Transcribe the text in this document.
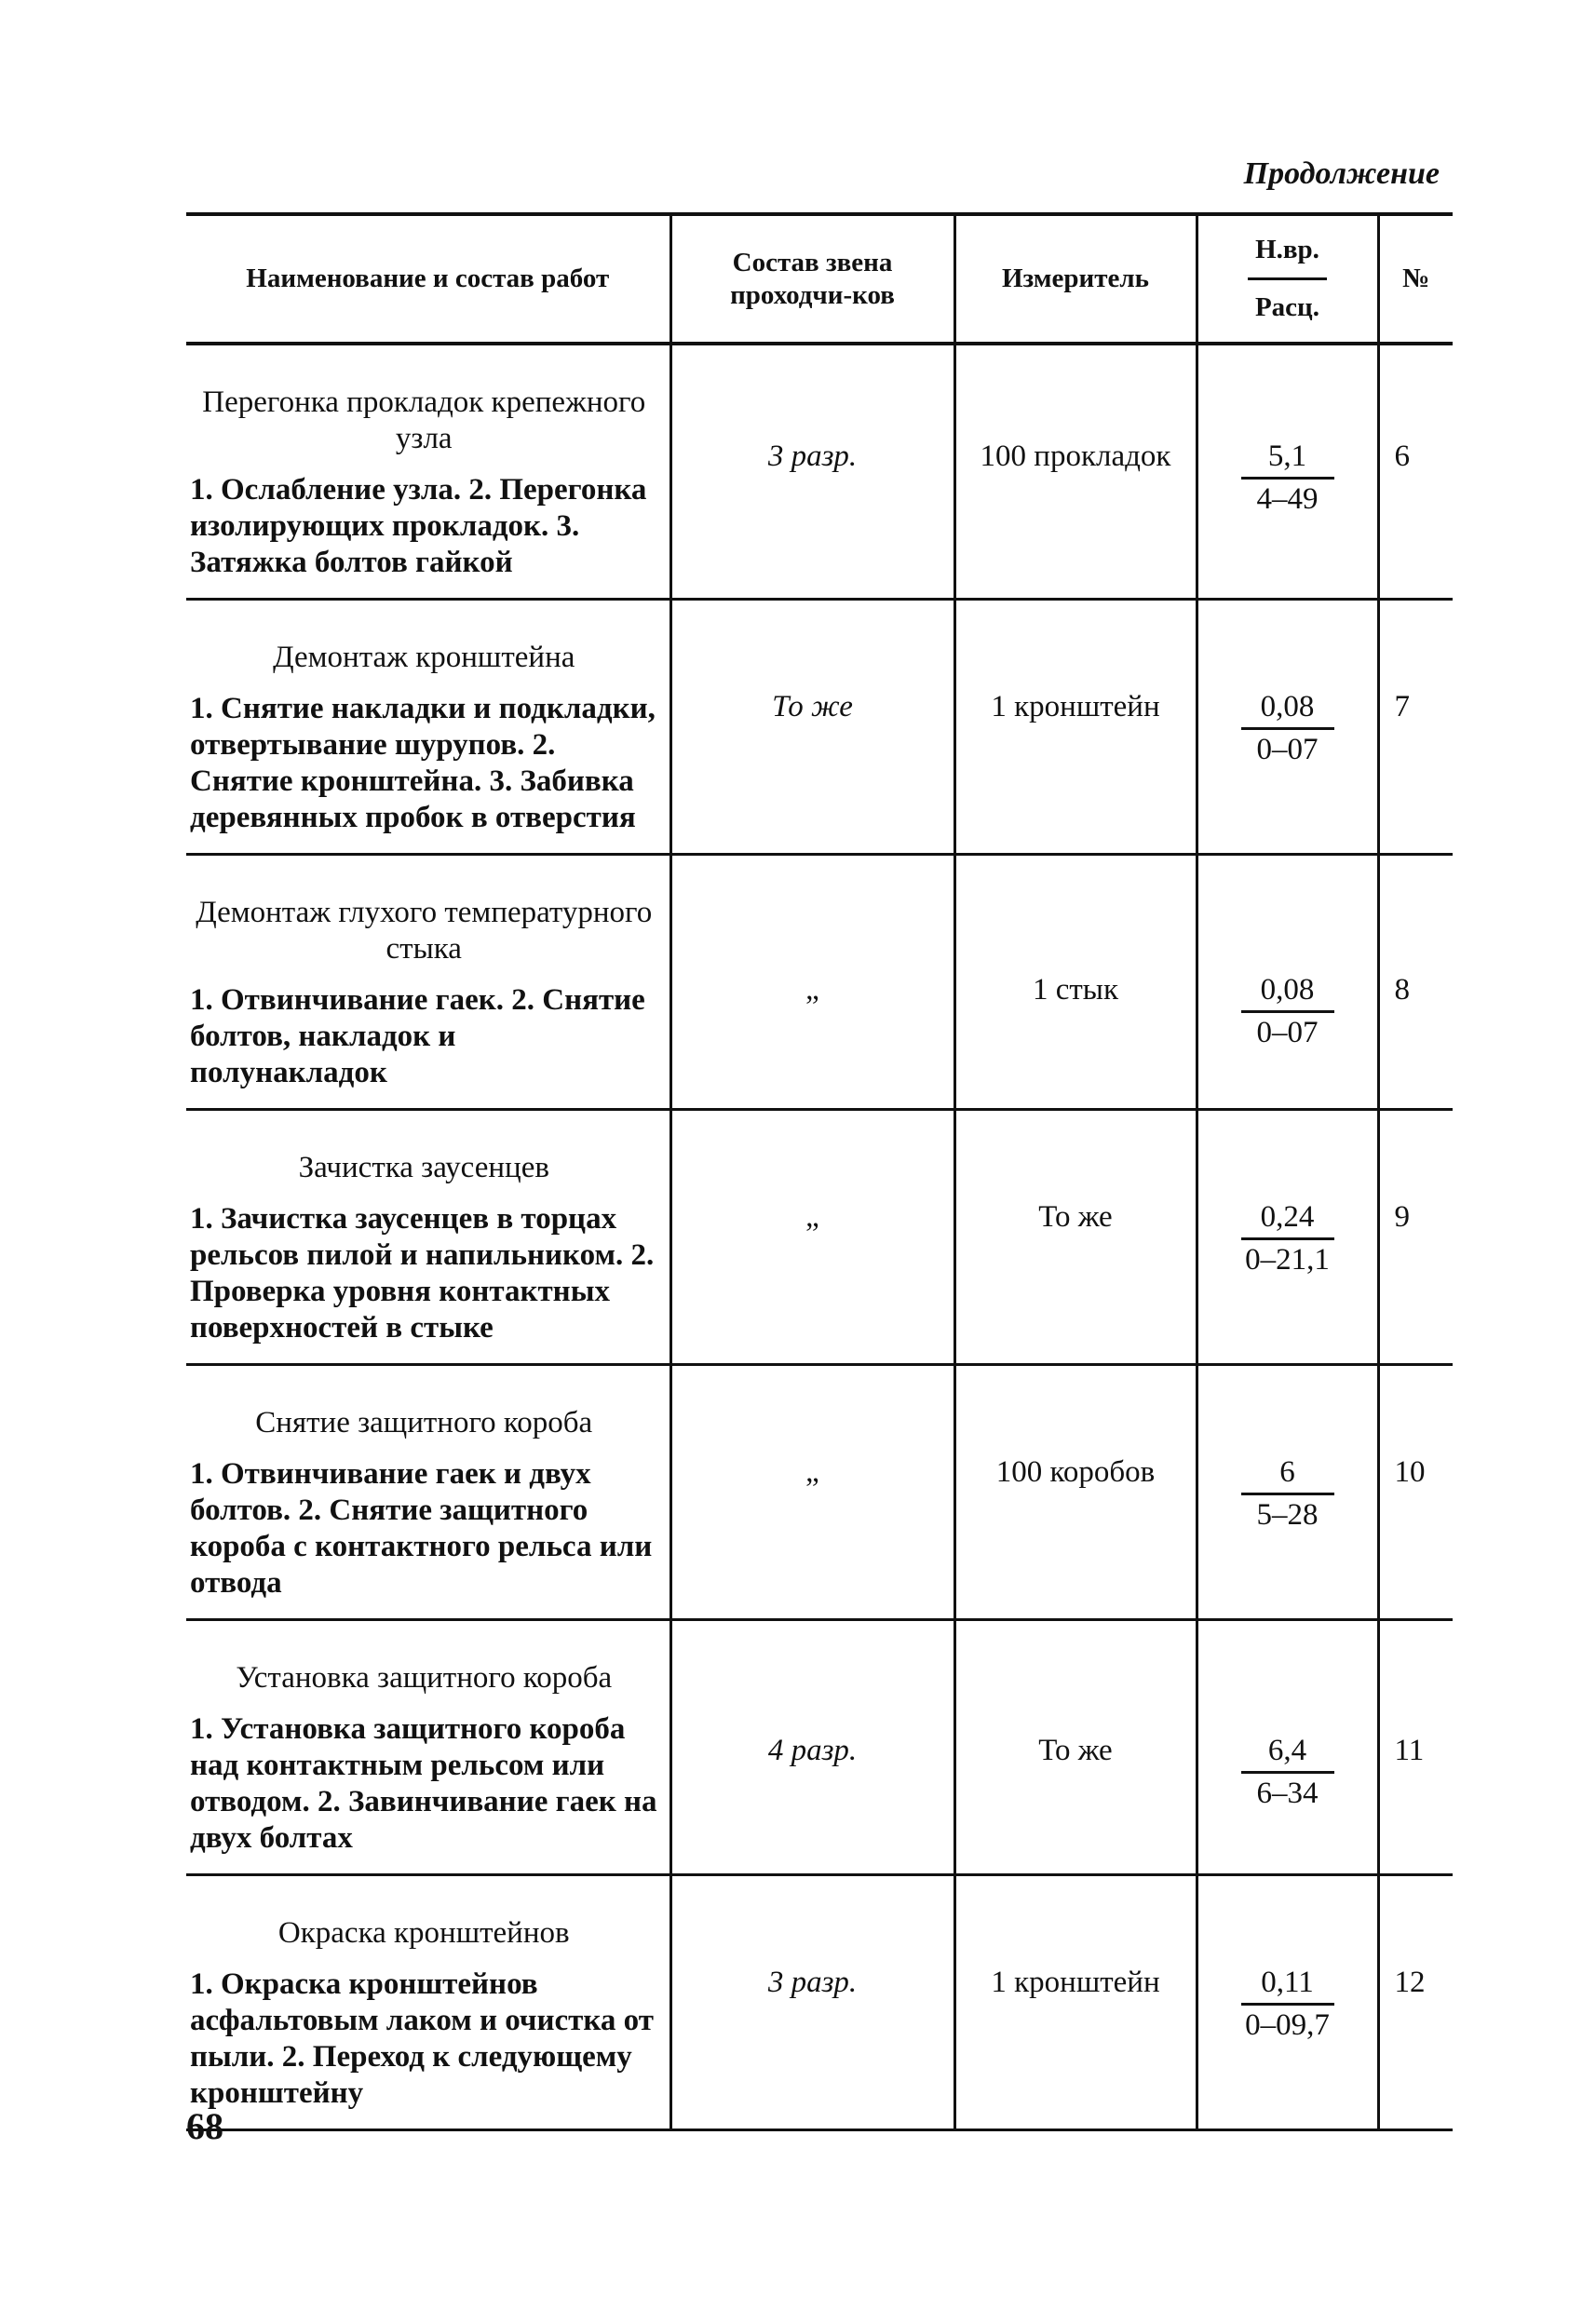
Продолжение
Наименование и состав работ	Состав звена проходчи-ков	Измеритель	$\frac{Н.вр.}{\text{Расц.}}$	№

Перегонка прокладок крепежного узла
1. Ослабление узла. 2. Перегонка изолирующих прокладок. 3. Затяжка болтов гайкой	3 разр.	100 прокладок	$\frac{5,1}{4-49}$	6

Демонтаж кронштейна
1. Снятие накладки и подкладки, отвертывание шурупов. 2. Снятие кронштейна. 3. Забивка деревянных пробок в отверстия	То же	1 кронштейн	$\frac{0,08}{0-07}$	7

Демонтаж глухого температурного стыка
1. Отвинчивание гаек. 2. Снятие болтов, накладок и полунакладок	„	1 стык	$\frac{0,08}{0-07}$	8

Зачистка заусенцев
1. Зачистка заусенцев в торцах рельсов пилой и напильником. 2. Проверка уровня контактных поверхностей в стыке	„	То же	$\frac{0,24}{0-21,1}$	9

Снятие защитного короба
1. Отвинчивание гаек и двух болтов. 2. Снятие защитного короба с контактного рельса или отвода	„	100 коробов	$\frac{6}{5-28}$	10

Установка защитного короба
1. Установка защитного короба над контактным рельсом или отводом. 2. Завинчивание гаек на двух болтах	4 разр.	То же	$\frac{6,4}{6-34}$	11

Окраска кронштейнов
1. Окраска кронштейнов асфальтовым лаком и очистка от пыли. 2. Переход к следующему кронштейну	3 разр.	1 кронштейн	$\frac{0,11}{0-09,7}$	12
68
